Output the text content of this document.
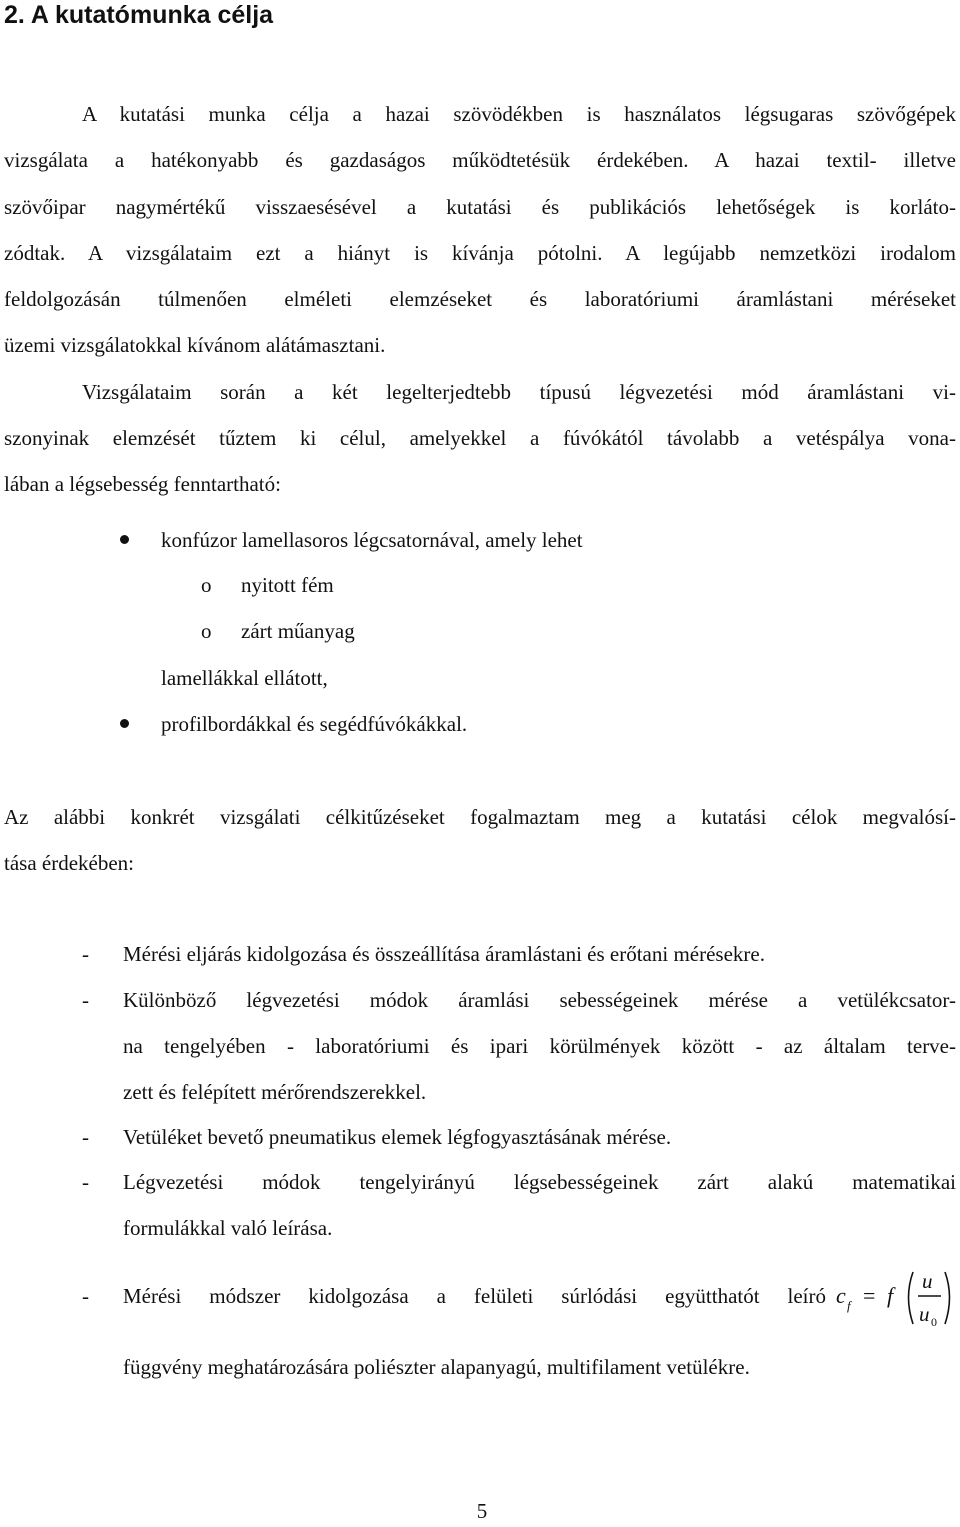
2. A kutatómunka célja
A kutatási munka célja a hazai szövödékben is használatos légsugaras szövőgépek
vizsgálata a hatékonyabb és gazdaságos működtetésük érdekében. A hazai textil- illetve
szövőipar nagymértékű visszaesésével a kutatási és publikációs lehetőségek is korláto-
zódtak. A vizsgálataim ezt a hiányt is kívánja pótolni. A legújabb nemzetközi irodalom
feldolgozásán túlmenően elméleti elemzéseket és laboratóriumi áramlástani méréseket
üzemi vizsgálatokkal kívánom alátámasztani.
Vizsgálataim során a két legelterjedtebb típusú légvezetési mód áramlástani vi-
szonyinak elemzését tűztem ki célul, amelyekkel a fúvókától távolabb a vetéspálya vona-
lában a légsebesség fenntartható:
konfúzor lamellasoros légcsatornával, amely lehet
o nyitott fém
o zárt műanyag
lamellákkal ellátott,
profilbordákkal és segédfúvókákkal.
Az alábbi konkrét vizsgálati célkitűzéseket fogalmaztam meg a kutatási célok megvalósí-
tása érdekében:
- Mérési eljárás kidolgozása és összeállítása áramlástani és erőtani mérésekre.
- Különböző légvezetési módok áramlási sebességeinek mérése a vetülékcsator-
na tengelyében - laboratóriumi és ipari körülmények között - az általam terve-
zett és felépített mérőrendszerekkel.
- Vetüléket bevető pneumatikus elemek légfogyasztásának mérése.
- Légvezetési módok tengelyirányú légsebességeinek zárt alakú matematikai
formulákkal való leírása.
- Mérési módszer kidolgozása a felületi súrlódási együtthatót leíró
függvény meghatározására poliészter alapanyagú, multifilament vetülékre.
c f = f
u
u 0
5
